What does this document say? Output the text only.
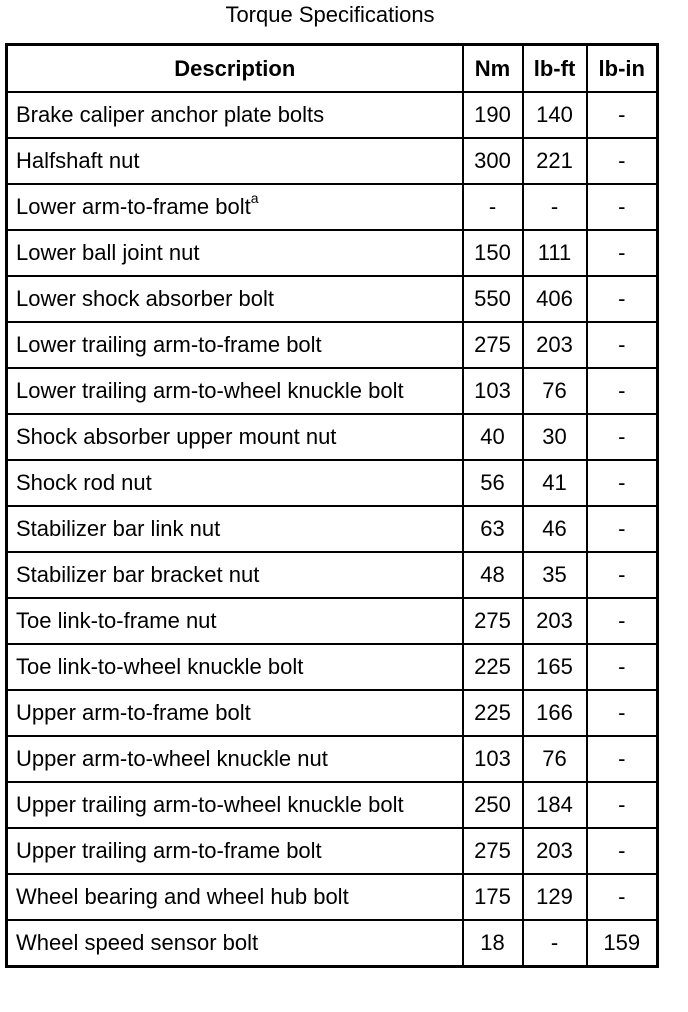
Torque Specifications
Description	Nm	lb-ft	lb-in
Brake caliper anchor plate bolts	190	140	-
Halfshaft nut	300	221	-
Lower arm-to-frame bolt$^a$	-	-	-
Lower ball joint nut	150	111	-
Lower shock absorber bolt	550	406	-
Lower trailing arm-to-frame bolt	275	203	-
Lower trailing arm-to-wheel knuckle bolt	103	76	-
Shock absorber upper mount nut	40	30	-
Shock rod nut	56	41	-
Stabilizer bar link nut	63	46	-
Stabilizer bar bracket nut	48	35	-
Toe link-to-frame nut	275	203	-
Toe link-to-wheel knuckle bolt	225	165	-
Upper arm-to-frame bolt	225	166	-
Upper arm-to-wheel knuckle nut	103	76	-
Upper trailing arm-to-wheel knuckle bolt	250	184	-
Upper trailing arm-to-frame bolt	275	203	-
Wheel bearing and wheel hub bolt	175	129	-
Wheel speed sensor bolt	18	-	159
